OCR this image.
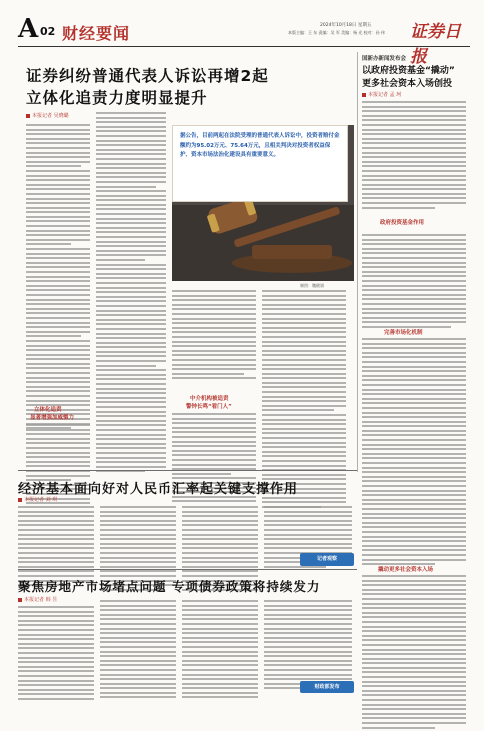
A 02 财经要闻	2024年10月18日 星期五
本版主编：王 东 责编：吴 军 美编：杨 光 校对：孙 伟 证券日报
证券纠纷普通代表人诉讼再增2起
立体化追责力度明显提升
本报记者 吴晓璐
立体化追责
显著增强加威慑力
据公告，目前两起在法院受理的普通代表人诉讼中，投资者赔付金额约为95.02万元、75.64万元，且相关判决对投资者权益保护、资本市场法治化建设具有重要意义。
制图：魏健骐
中介机构被追责
警钟长鸣“看门人”
国新办新闻发布会
以政府投资基金“撬动”
更多社会资本入场创投
本报记者 孟 珂
政府投资基金作用
完善市场化机制
撬动更多社会资本入场
经济基本面向好对人民币汇率起关键支撑作用
本报记者 刘 琪
记者观察
聚焦房地产市场堵点问题 专项债券政策将持续发力
本报记者 韩 昱
财政部发布
